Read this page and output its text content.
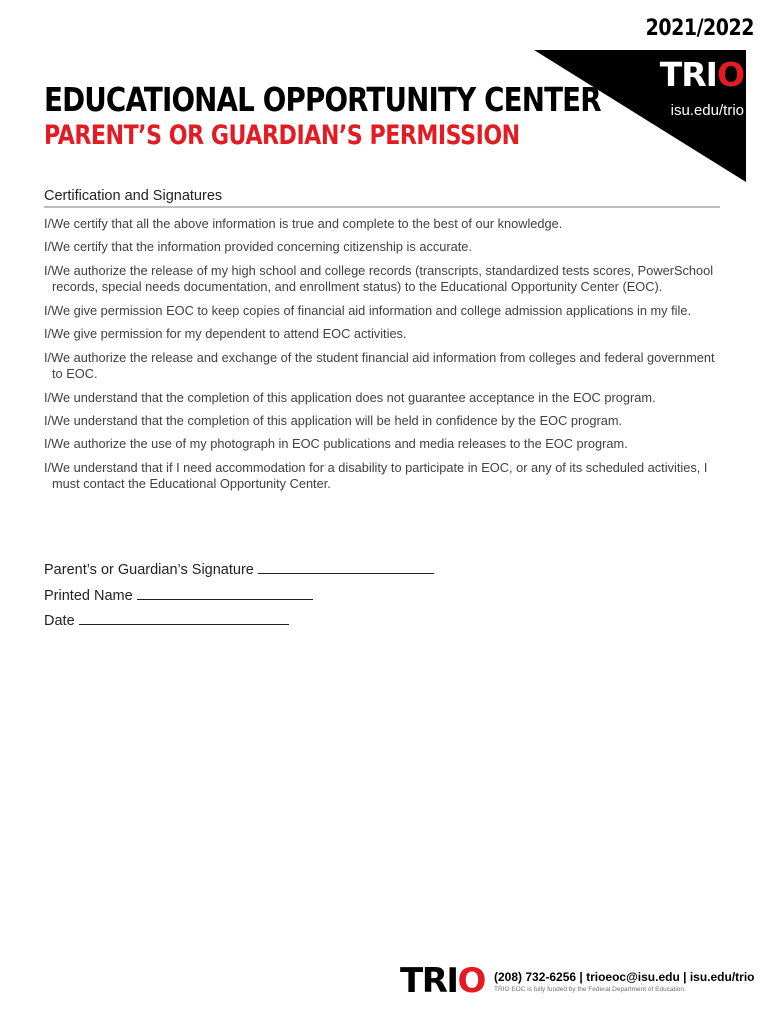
2021/2022
TRIO
isu.edu/trio
EDUCATIONAL OPPORTUNITY CENTER
PARENT’S OR GUARDIAN’S PERMISSION
Certification and Signatures
I/We certify that all the above information is true and complete to the best of our knowledge.
I/We certify that the information provided concerning citizenship is accurate.
I/We authorize the release of my high school and college records (transcripts, standardized tests scores, PowerSchool records, special needs documentation, and enrollment status) to the Educational Opportunity Center (EOC).
I/We give permission EOC to keep copies of financial aid information and college admission applications in my file.
I/We give permission for my dependent to attend EOC activities.
I/We authorize the release and exchange of the student financial aid information from colleges and federal government to EOC.
I/We understand that the completion of this application does not guarantee acceptance in the EOC program.
I/We understand that the completion of this application will be held in confidence by the EOC program.
I/We authorize the use of my photograph in EOC publications and media releases to the EOC program.
I/We understand that if I need accommodation for a disability to participate in EOC, or any of its scheduled activities, I must contact the Educational Opportunity Center.
Parent’s or Guardian’s Signature
Printed Name
Date
TRIO (208) 732-6256 | trioeoc@isu.edu | isu.edu/trio
TRIO EOC is fully funded by the Federal Department of Education.
